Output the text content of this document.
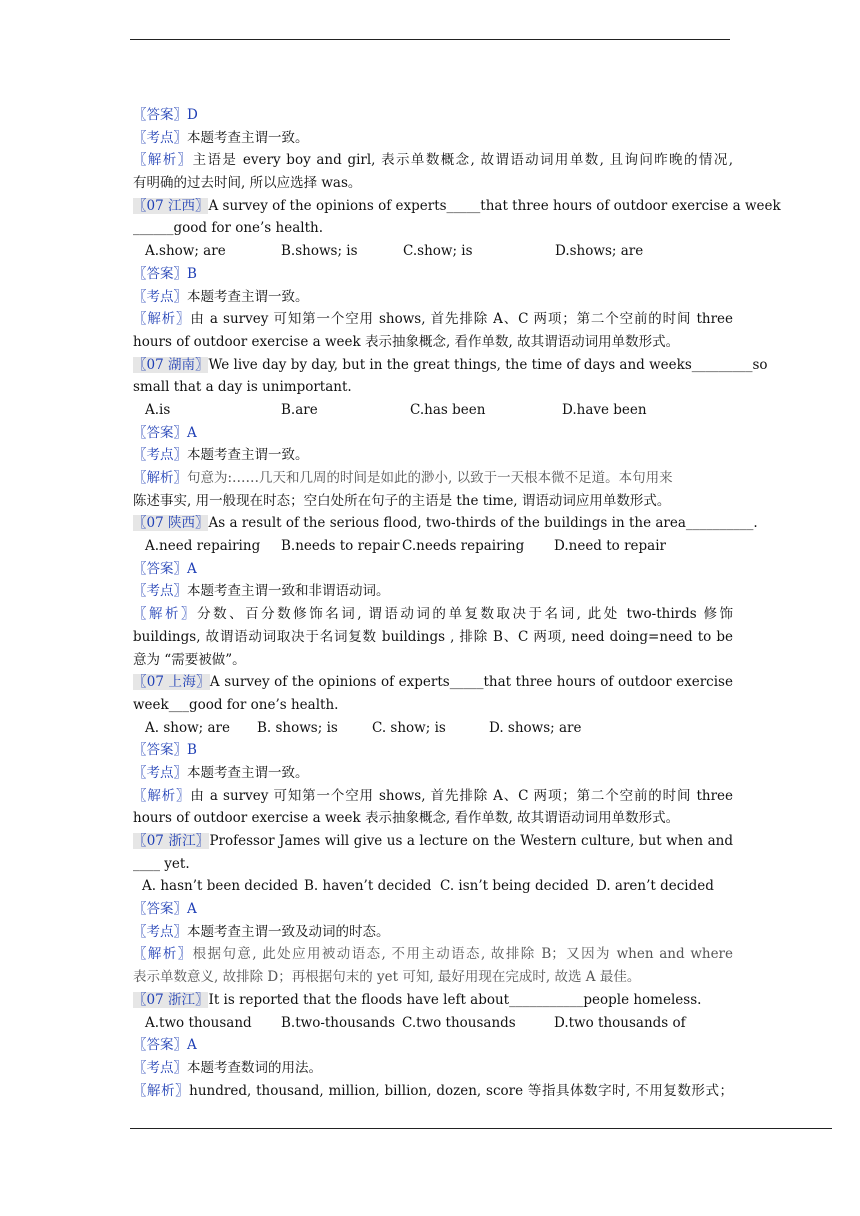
〖答案〗D
〖考点〗本题考查主谓一致。
〖解析〗主语是 every boy and girl, 表示单数概念, 故谓语动词用单数, 且询问昨晚的情况,
有明确的过去时间, 所以应选择 was。
〖07 江西〗A survey of the opinions of experts_____that three hours of outdoor exercise a week
______good for one’s health.
A.show; are	B.shows; is	C.show; is	D.shows; are
〖答案〗B
〖考点〗本题考查主谓一致。
〖解析〗由 a survey 可知第一个空用 shows, 首先排除 A、C 两项；第二个空前的时间 three
hours of outdoor exercise a week 表示抽象概念, 看作单数, 故其谓语动词用单数形式。
〖07 湖南〗We live day by day, but in the great things, the time of days and weeks_________so
small that a day is unimportant.
A.is	B.are	C.has been	D.have been
〖答案〗A
〖考点〗本题考查主谓一致。
〖解析〗句意为:……几天和几周的时间是如此的渺小, 以致于一天根本微不足道。本句用来
陈述事实, 用一般现在时态；空白处所在句子的主语是 the time, 谓语动词应用单数形式。
〖07 陕西〗As a result of the serious flood, two-thirds of the buildings in the area__________.
A.need repairing B.needs to repair C.needs repairing D.need to repair
〖答案〗A
〖考点〗本题考查主谓一致和非谓语动词。
〖解析〗分数、百分数修饰名词, 谓语动词的单复数取决于名词, 此处 two-thirds 修饰
buildings, 故谓语动词取决于名词复数 buildings , 排除 B、C 两项, need doing=need to be
意为 “需要被做”。
〖07 上海〗A survey of the opinions of experts_____that three hours of outdoor exercise
week___good for one’s health.
A. show; are B. shows; is	C. show; is	D. shows; are
〖答案〗B
〖考点〗本题考查主谓一致。
〖解析〗由 a survey 可知第一个空用 shows, 首先排除 A、C 两项；第二个空前的时间 three
hours of outdoor exercise a week 表示抽象概念, 看作单数, 故其谓语动词用单数形式。
〖07 浙江〗Professor James will give us a lecture on the Western culture, but when and
____ yet.
A. hasn’t been decided B. haven’t decided C. isn’t being decided D. aren’t decided
〖答案〗A
〖考点〗本题考查主谓一致及动词的时态。
〖解析〗根据句意, 此处应用被动语态, 不用主动语态, 故排除 B；又因为 when and where
表示单数意义, 故排除 D；再根据句末的 yet 可知, 最好用现在完成时, 故选 A 最佳。
〖07 浙江〗It is reported that the floods have left about___________people homeless.
A.two thousand B.two-thousands C.two thousands	D.two thousands of
〖答案〗A
〖考点〗本题考查数词的用法。
〖解析〗hundred, thousand, million, billion, dozen, score 等指具体数字时, 不用复数形式；
